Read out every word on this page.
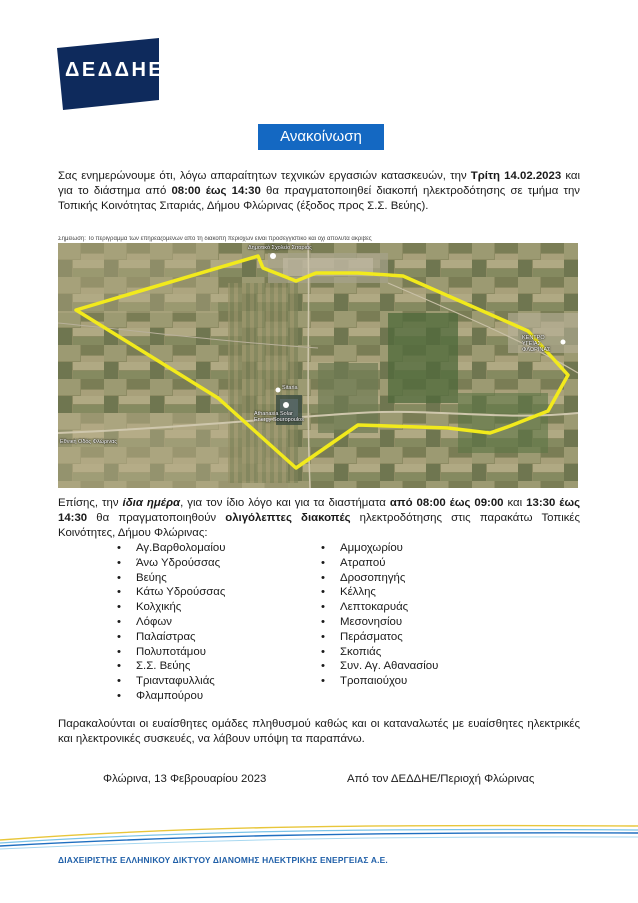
ΔΕΔΔΗΕ
Ανακοίνωση

Σας ενημερώνουμε ότι, λόγω απαραίτητων τεχνικών εργασιών κατασκευών, την Τρίτη 14.02.2023 και για το διάστημα από 08:00 έως 14:30 θα πραγματοποιηθεί διακοπή ηλεκτροδότησης σε τμήμα την Τοπικής Κοινότητας Σιταριάς, Δήμου Φλώρινας (έξοδος προς Σ.Σ. Βεύης).

Σημείωση: Το περίγραμμα των επηρεαζόμενων από τη διακοπή περιοχών είναι προσεγγιστικό και όχι απόλυτα ακριβές
Δημοτικό Σχολείο Σιταριάς
Athanasia Solar Energy Souropoulos
Sitaria
ΚΕΝΤΡΟ ΥΓΕΙΑΣ ΦΛΩΡΙΝΑΣ
Εθνική Οδός Φλώρινας

Επίσης, την ίδια ημέρα, για τον ίδιο λόγο και για τα διαστήματα από 08:00 έως 09:00 και 13:30 έως 14:30 θα πραγματοποιηθούν ολιγόλεπτες διακοπές ηλεκτροδότησης στις παρακάτω Τοπικές Κοινότητες, Δήμου Φλώρινας:

• Αγ.Βαρθολομαίου
• Άνω Υδρούσσας
• Βεύης
• Κάτω Υδρούσσας
• Κολχικής
• Λόφων
• Παλαίστρας
• Πολυποτάμου
• Σ.Σ. Βεύης
• Τριανταφυλλιάς
• Φλαμπούρου
• Αμμοχωρίου
• Ατραπού
• Δροσοπηγής
• Κέλλης
• Λεπτοκαρυάς
• Μεσονησίου
• Περάσματος
• Σκοπιάς
• Συν. Αγ. Αθανασίου
• Τροπαιούχου

Παρακαλούνται οι ευαίσθητες ομάδες πληθυσμού καθώς και οι καταναλωτές με ευαίσθητες ηλεκτρικές και ηλεκτρονικές συσκευές, να λάβουν υπόψη τα παραπάνω.

Φλώρινα, 13 Φεβρουαρίου 2023	Από τον ΔΕΔΔΗΕ/Περιοχή Φλώρινας
ΔΙΑΧΕΙΡΙΣΤΗΣ ΕΛΛΗΝΙΚΟΥ ΔΙΚΤΥΟΥ ΔΙΑΝΟΜΗΣ ΗΛΕΚΤΡΙΚΗΣ ΕΝΕΡΓΕΙΑΣ Α.Ε.
